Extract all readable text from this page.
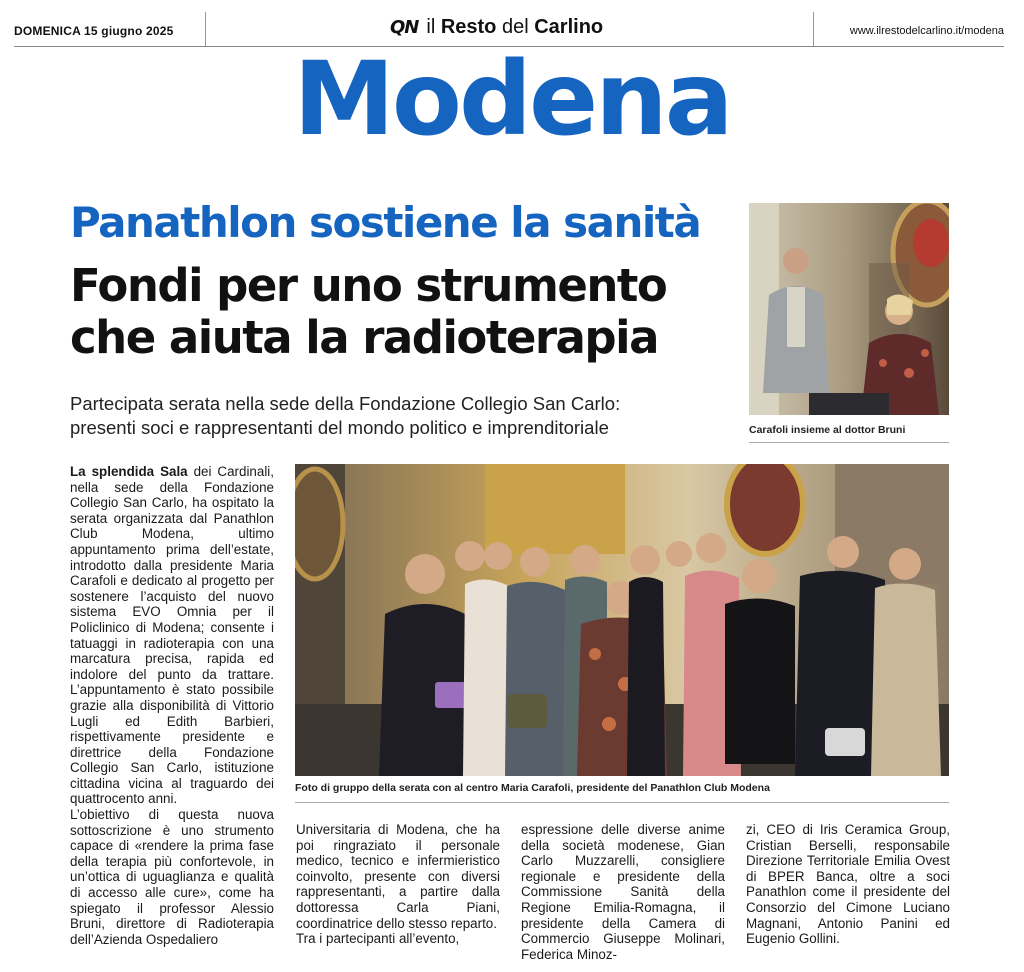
DOMENICA 15 giugno 2025	QN il Resto del Carlino	www.ilrestodelcarlino.it/modena
Modena
Panathlon sostiene la sanità
Fondi per uno strumento
che aiuta la radioterapia
Partecipata serata nella sede della Fondazione Collegio San Carlo:
presenti soci e rappresentanti del mondo politico e imprenditoriale	Carafoli insieme al dottor Bruni
Foto di gruppo della serata con al centro Maria Carafoli, presidente del Panathlon Club Modena

La splendida Sala dei Cardinali, nella sede della Fondazione Collegio San Carlo, ha ospitato la serata organizzata dal Panathlon Club Modena, ultimo appuntamento prima dell’estate, introdotto dalla presidente Maria Carafoli e dedicato al progetto per sostenere l’acquisto del nuovo sistema EVO Omnia per il Policlinico di Modena; consente i tatuaggi in radioterapia con una marcatura precisa, rapida ed indolore del punto da trattare. L’appuntamento è stato possibile grazie alla disponibilità di Vittorio Lugli ed Edith Barbieri, rispettivamente presidente e direttrice della Fondazione Collegio San Carlo, istituzione cittadina vicina al traguardo dei quattrocento anni.

L’obiettivo di questa nuova sottoscrizione è uno strumento capace di «rendere la prima fase della terapia più confortevole, in un’ottica di uguaglianza e qualità di accesso alle cure», come ha spiegato il professor Alessio Bruni, direttore di Radioterapia dell’Azienda Ospedaliero

Universitaria di Modena, che ha poi ringraziato il personale medico, tecnico e infermieristico coinvolto, presente con diversi rappresentanti, a partire dalla dottoressa Carla Piani, coordinatrice dello stesso reparto.

Tra i partecipanti all’evento,

espressione delle diverse anime della società modenese, Gian Carlo Muzzarelli, consigliere regionale e presidente della Commissione Sanità della Regione Emilia-Romagna, il presidente della Camera di Commercio Giuseppe Molinari, Federica Minoz-

zi, CEO di Iris Ceramica Group, Cristian Berselli, responsabile Direzione Territoriale Emilia Ovest di BPER Banca, oltre a soci Panathlon come il presidente del Consorzio del Cimone Luciano Magnani, Antonio Panini ed Eugenio Gollini.
